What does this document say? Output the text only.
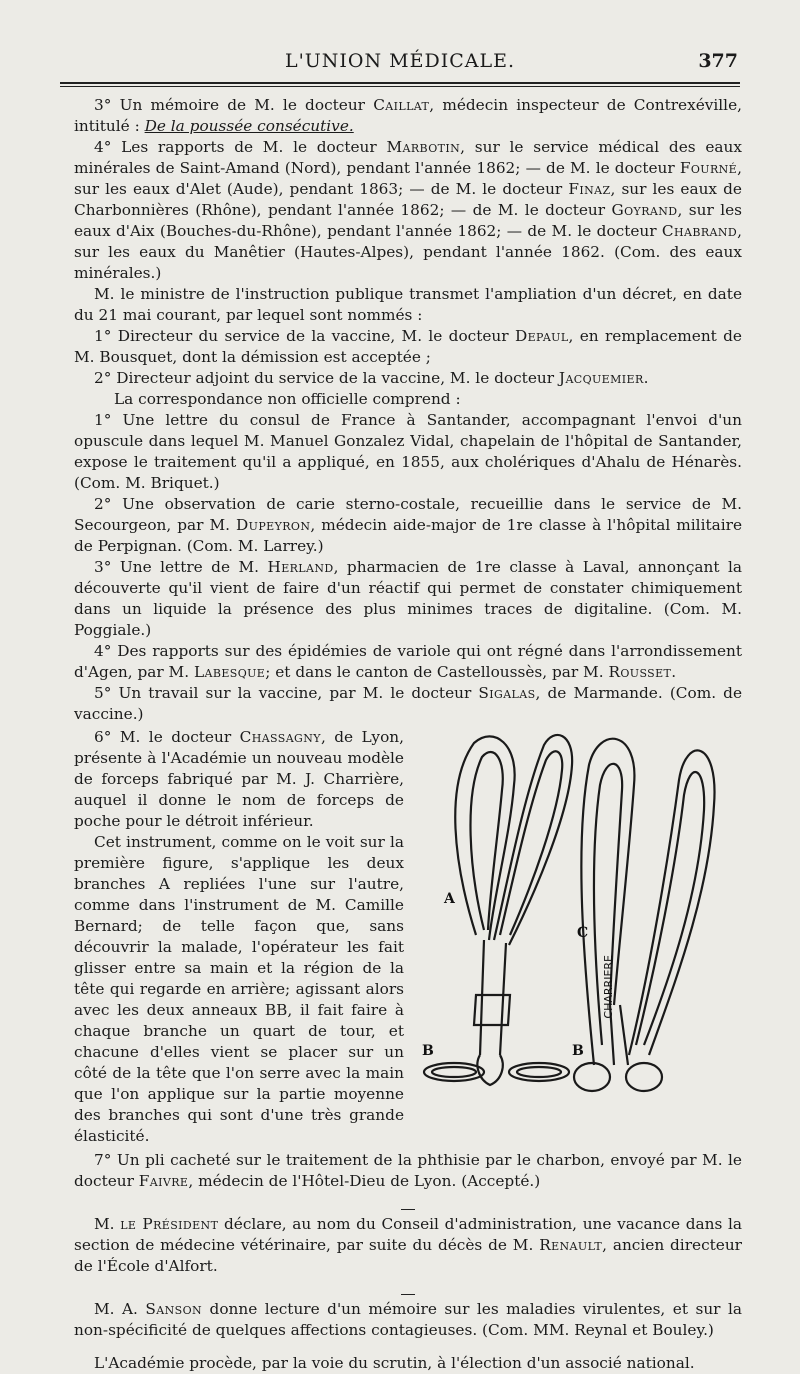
L'UNION MÉDICALE.	377

3° Un mémoire de M. le docteur Caillat, médecin inspecteur de Contrexéville, intitulé : De la poussée consécutive.

4° Les rapports de M. le docteur Marbotin, sur le service médical des eaux minérales de Saint-Amand (Nord), pendant l'année 1862; — de M. le docteur Fourné, sur les eaux d'Alet (Aude), pendant 1863; — de M. le docteur Finaz, sur les eaux de Charbonnières (Rhône), pendant l'année 1862; — de M. le docteur Goyrand, sur les eaux d'Aix (Bouches-du-Rhône), pendant l'année 1862; — de M. le docteur Chabrand, sur les eaux du Manêtier (Hautes-Alpes), pendant l'année 1862. (Com. des eaux minérales.)

M. le ministre de l'instruction publique transmet l'ampliation d'un décret, en date du 21 mai courant, par lequel sont nommés :

1° Directeur du service de la vaccine, M. le docteur Depaul, en remplacement de M. Bousquet, dont la démission est acceptée ;

2° Directeur adjoint du service de la vaccine, M. le docteur Jacquemier.

La correspondance non officielle comprend :

1° Une lettre du consul de France à Santander, accompagnant l'envoi d'un opuscule dans lequel M. Manuel Gonzalez Vidal, chapelain de l'hôpital de Santander, expose le traitement qu'il a appliqué, en 1855, aux cholériques d'Ahalu de Hénarès. (Com. M. Briquet.)

2° Une observation de carie sterno-costale, recueillie dans le service de M. Secourgeon, par M. Dupeyron, médecin aide-major de 1re classe à l'hôpital militaire de Perpignan. (Com. M. Larrey.)

3° Une lettre de M. Herland, pharmacien de 1re classe à Laval, annonçant la découverte qu'il vient de faire d'un réactif qui permet de constater chimiquement dans un liquide la présence des plus minimes traces de digitaline. (Com. M. Poggiale.)

4° Des rapports sur des épidémies de variole qui ont régné dans l'arrondissement d'Agen, par M. Labesque; et dans le canton de Castelloussès, par M. Rousset.

5° Un travail sur la vaccine, par M. le docteur Sigalas, de Marmande. (Com. de vaccine.)

6° M. le docteur Chassagny, de Lyon, présente à l'Académie un nouveau modèle de forceps fabriqué par M. J. Charrière, auquel il donne le nom de forceps de poche pour le détroit inférieur.

Cet instrument, comme on le voit sur la première figure, s'applique les deux branches A repliées l'une sur l'autre, comme dans l'instrument de M. Camille Bernard; de telle façon que, sans découvrir la malade, l'opérateur les fait glisser entre sa main et la région de la tête qui regarde en arrière; agissant alors avec les deux anneaux BB, il fait faire à chaque branche un quart de tour, et chacune d'elles vient se placer sur un côté de la tête que l'on serre avec la main que l'on applique sur la partie moyenne des branches qui sont d'une très grande élasticité.

A
B	B
C
CHARRIERE

7° Un pli cacheté sur le traitement de la phthisie par le charbon, envoyé par M. le docteur Faivre, médecin de l'Hôtel-Dieu de Lyon. (Accepté.)

M. le Président déclare, au nom du Conseil d'administration, une vacance dans la section de médecine vétérinaire, par suite du décès de M. Renault, ancien directeur de l'École d'Alfort.

M. A. Sanson donne lecture d'un mémoire sur les maladies virulentes, et sur la non-spécificité de quelques affections contagieuses. (Com. MM. Reynal et Bouley.)

L'Académie procède, par la voie du scrutin, à l'élection d'un associé national.
